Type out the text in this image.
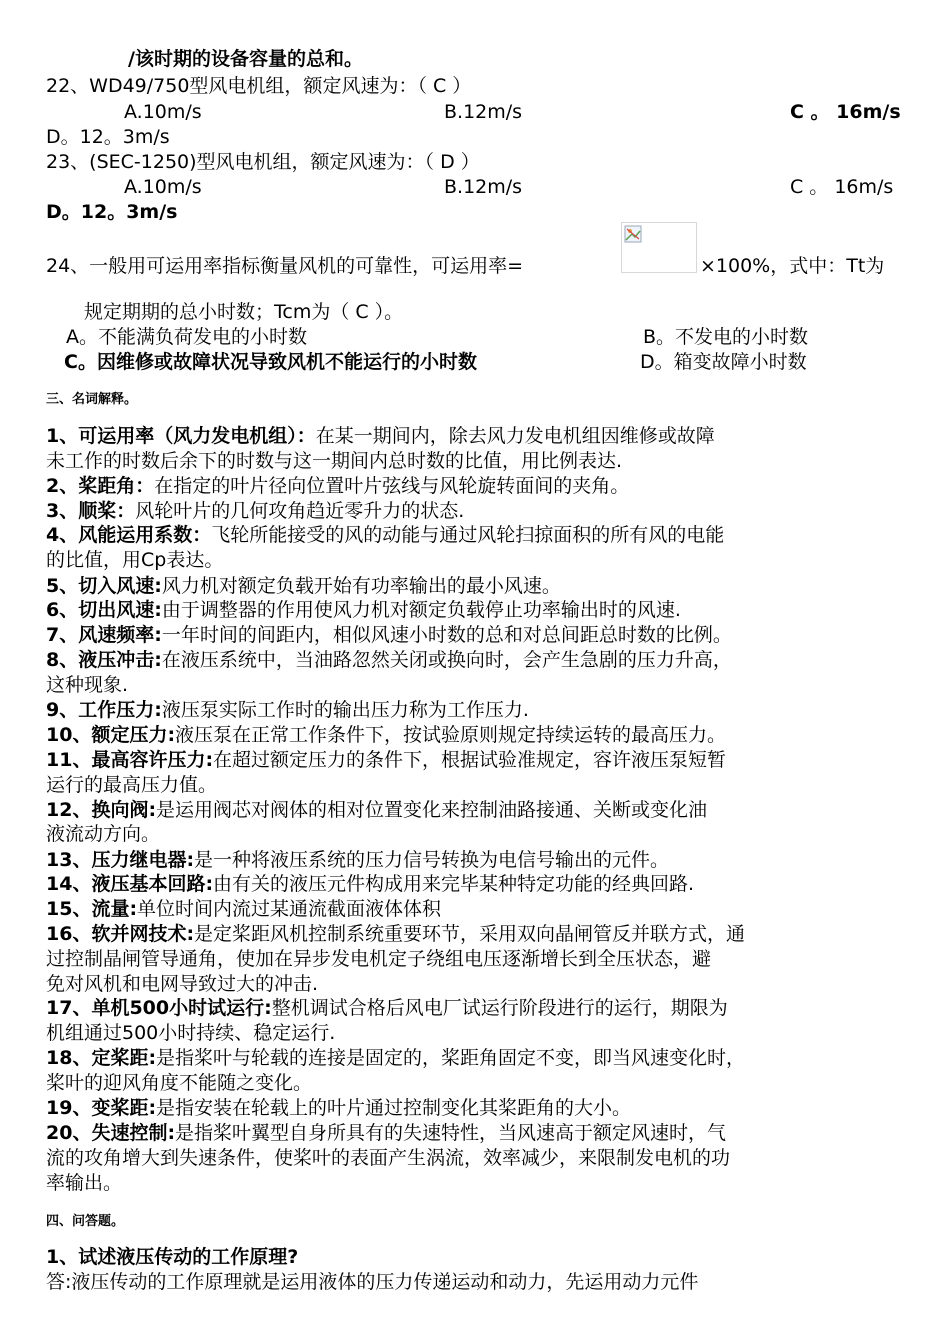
/该时期的设备容量的总和。
22、WD49/750型风电机组，额定风速为：（ C ）
A.10m/s	B.12m/s	C 。 16m/s
D。12。3m/s
23、(SEC-1250)型风电机组，额定风速为：（ D ）
A.10m/s	B.12m/s	C 。 16m/s
D。12。3m/s
24、一般用可运用率指标衡量风机的可靠性，可运用率=	×100%，式中：Tt为
规定期期的总小时数；Tcm为（ C ）。
A。不能满负荷发电的小时数	B。不发电的小时数
C。因维修或故障状况导致风机不能运行的小时数	D。箱变故障小时数
三、名词解释。
1、可运用率（风力发电机组）：在某一期间内，除去风力发电机组因维修或故障
未工作的时数后余下的时数与这一期间内总时数的比值，用比例表达.
2、桨距角：在指定的叶片径向位置叶片弦线与风轮旋转面间的夹角。
3、顺桨：风轮叶片的几何攻角趋近零升力的状态.
4、风能运用系数：飞轮所能接受的风的动能与通过风轮扫掠面积的所有风的电能
的比值，用Cp表达。
5、切入风速:风力机对额定负载开始有功率输出的最小风速。
6、切出风速:由于调整器的作用使风力机对额定负载停止功率输出时的风速.
7、风速频率:一年时间的间距内，相似风速小时数的总和对总间距总时数的比例。
8、液压冲击:在液压系统中，当油路忽然关闭或换向时，会产生急剧的压力升高，
这种现象.
9、工作压力:液压泵实际工作时的输出压力称为工作压力.
10、额定压力:液压泵在正常工作条件下，按试验原则规定持续运转的最高压力。
11、最高容许压力:在超过额定压力的条件下，根据试验准规定，容许液压泵短暂
运行的最高压力值。
12、换向阀:是运用阀芯对阀体的相对位置变化来控制油路接通、关断或变化油
液流动方向。
13、压力继电器:是一种将液压系统的压力信号转换为电信号输出的元件。
14、液压基本回路:由有关的液压元件构成用来完毕某种特定功能的经典回路.
15、流量:单位时间内流过某通流截面液体体积
16、软并网技术:是定桨距风机控制系统重要环节，采用双向晶闸管反并联方式，通
过控制晶闸管导通角，使加在异步发电机定子绕组电压逐渐增长到全压状态，避
免对风机和电网导致过大的冲击.
17、单机500小时试运行:整机调试合格后风电厂试运行阶段进行的运行，期限为
机组通过500小时持续、稳定运行.
18、定桨距:是指桨叶与轮载的连接是固定的，桨距角固定不变，即当风速变化时，
桨叶的迎风角度不能随之变化。
19、变桨距:是指安装在轮载上的叶片通过控制变化其桨距角的大小。
20、失速控制:是指桨叶翼型自身所具有的失速特性，当风速高于额定风速时，气
流的攻角增大到失速条件，使桨叶的表面产生涡流，效率减少，来限制发电机的功
率输出。
四、问答题。
1、试述液压传动的工作原理?
答:液压传动的工作原理就是运用液体的压力传递运动和动力，先运用动力元件
